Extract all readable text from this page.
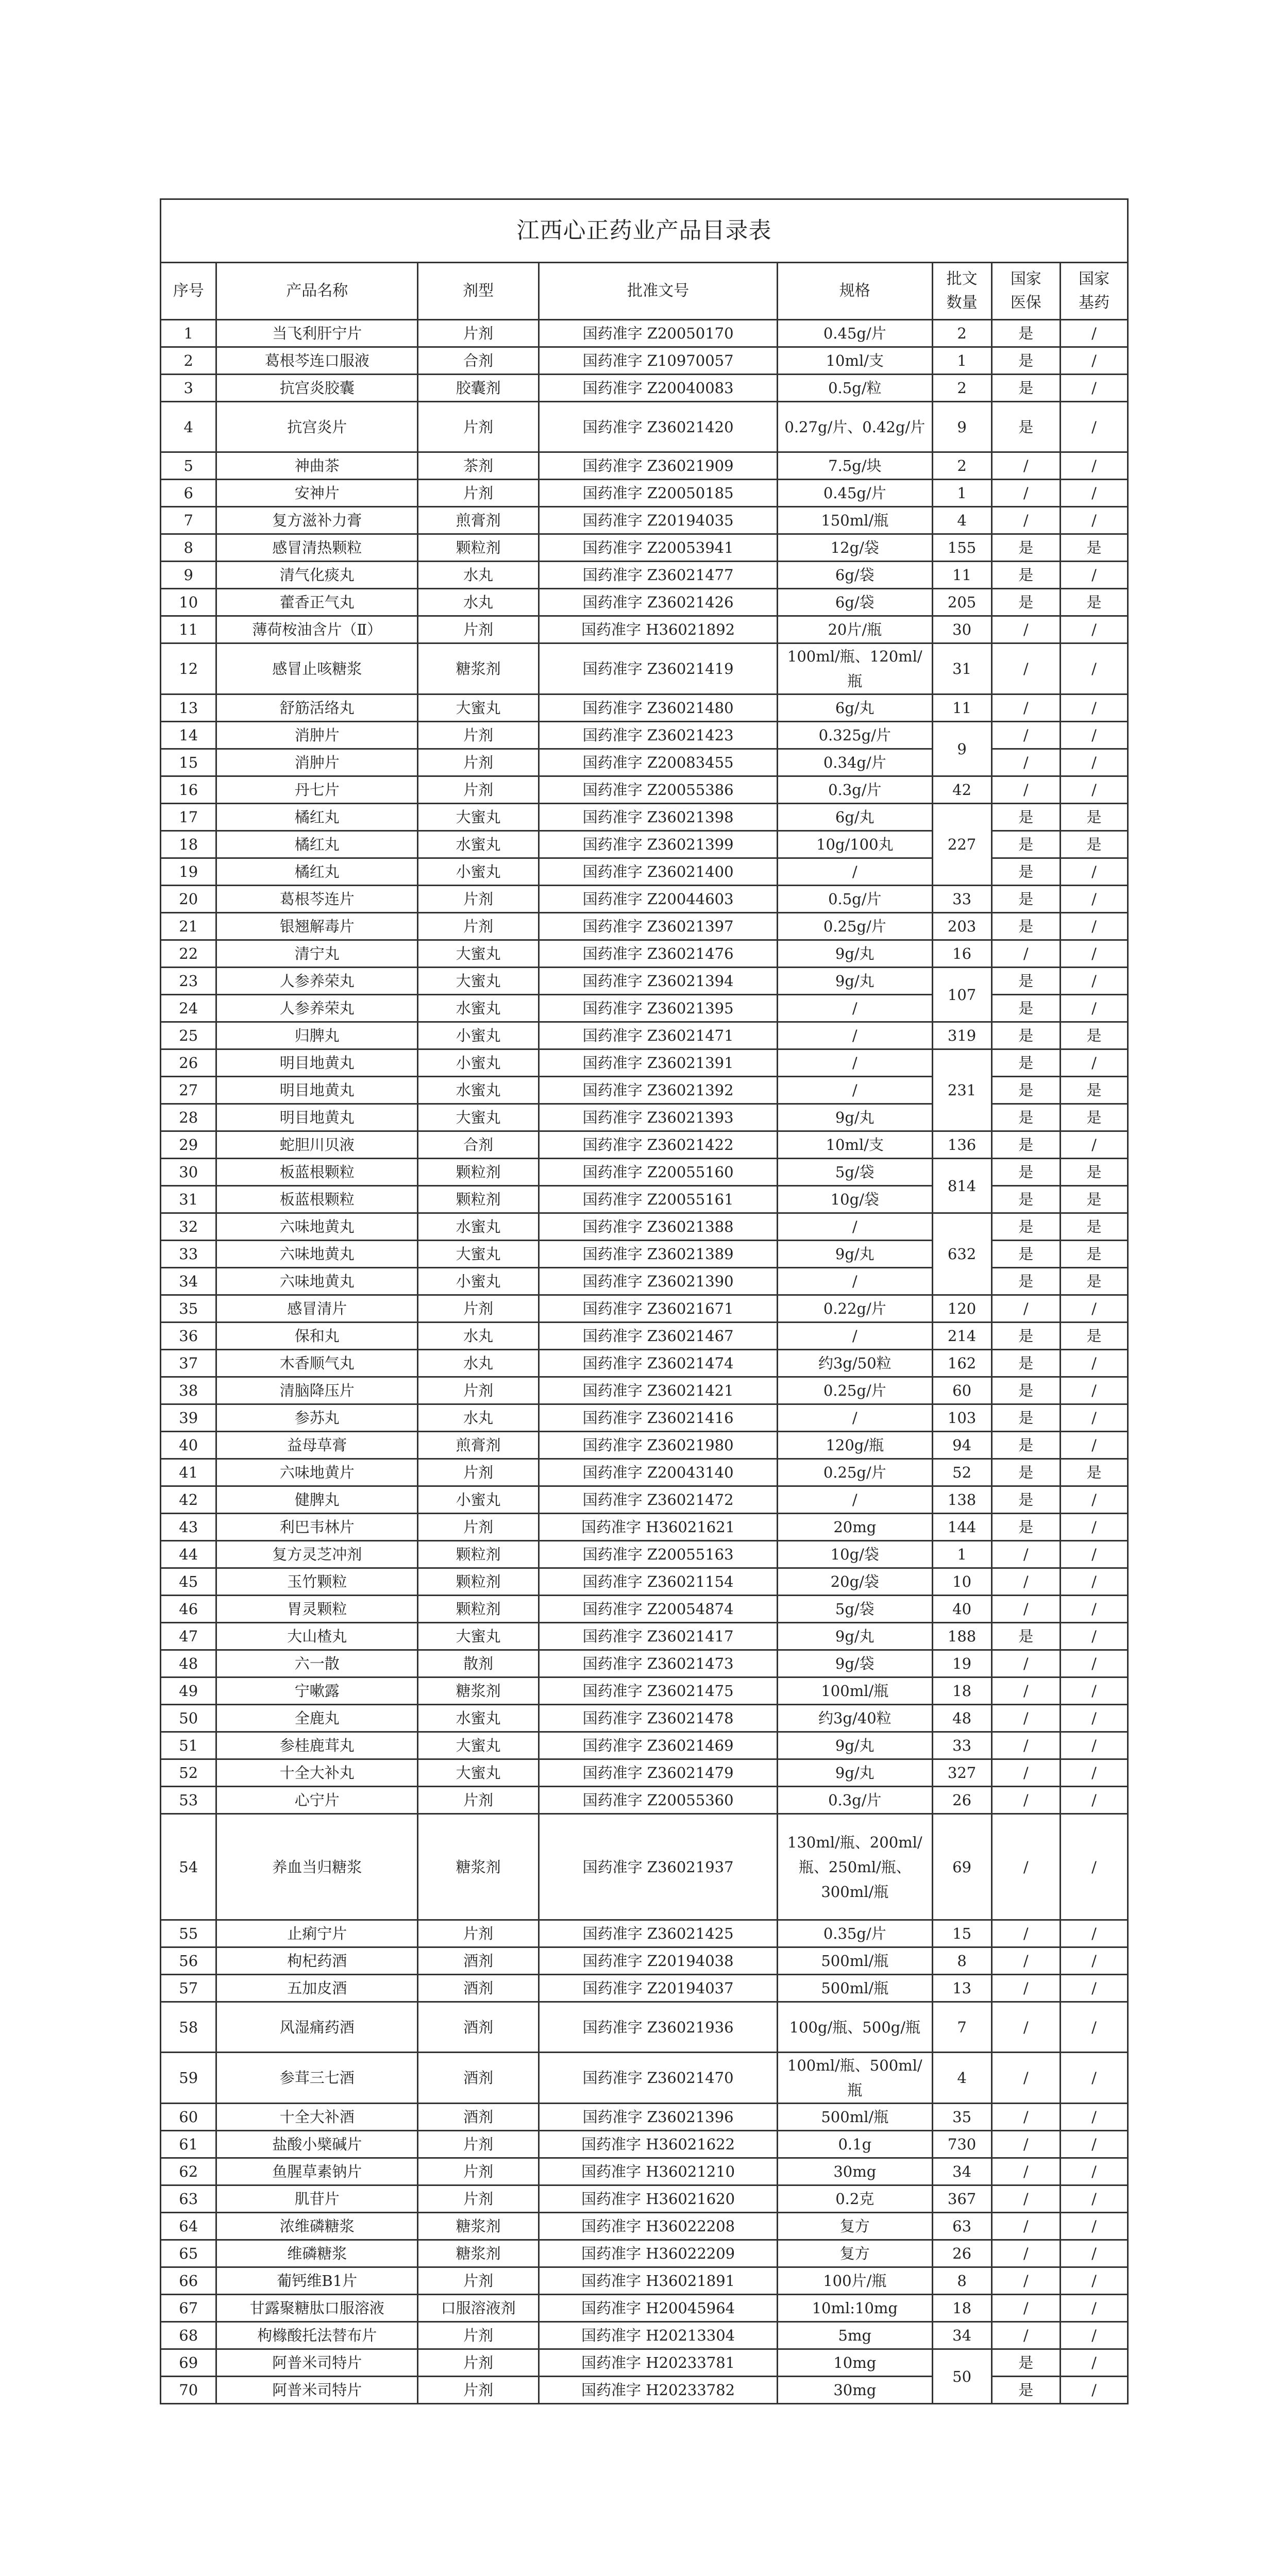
江西心正药业产品目录表							
序号	产品名称	剂型	批准文号	规格	批文数量	国家医保	国家基药
1	当飞利肝宁片	片剂	国药准字 Z20050170	0.45g/片	2	是	/
2	葛根芩连口服液	合剂	国药准字 Z10970057	10ml/支	1	是	/
3	抗宫炎胶囊	胶囊剂	国药准字 Z20040083	0.5g/粒	2	是	/
4	抗宫炎片	片剂	国药准字 Z36021420	0.27g/片、0.42g/片	9	是	/
5	神曲茶	茶剂	国药准字 Z36021909	7.5g/块	2	/	/
6	安神片	片剂	国药准字 Z20050185	0.45g/片	1	/	/
7	复方滋补力膏	煎膏剂	国药准字 Z20194035	150ml/瓶	4	/	/
8	感冒清热颗粒	颗粒剂	国药准字 Z20053941	12g/袋	155	是	是
9	清气化痰丸	水丸	国药准字 Z36021477	6g/袋	11	是	/
10	藿香正气丸	水丸	国药准字 Z36021426	6g/袋	205	是	是
11	薄荷桉油含片（Ⅱ）	片剂	国药准字 H36021892	20片/瓶	30	/	/
12	感冒止咳糖浆	糖浆剂	国药准字 Z36021419	100ml/瓶、120ml/瓶	31	/	/
13	舒筋活络丸	大蜜丸	国药准字 Z36021480	6g/丸	11	/	/
14	消肿片	片剂	国药准字 Z36021423	0.325g/片	9	/	/
15	消肿片	片剂	国药准字 Z20083455	0.34g/片		/	/
16	丹七片	片剂	国药准字 Z20055386	0.3g/片	42	/	/
17	橘红丸	大蜜丸	国药准字 Z36021398	6g/丸	227	是	是
18	橘红丸	水蜜丸	国药准字 Z36021399	10g/100丸		是	是
19	橘红丸	小蜜丸	国药准字 Z36021400	/		是	/
20	葛根芩连片	片剂	国药准字 Z20044603	0.5g/片	33	是	/
21	银翘解毒片	片剂	国药准字 Z36021397	0.25g/片	203	是	/
22	清宁丸	大蜜丸	国药准字 Z36021476	9g/丸	16	/	/
23	人参养荣丸	大蜜丸	国药准字 Z36021394	9g/丸	107	是	/
24	人参养荣丸	水蜜丸	国药准字 Z36021395	/		是	/
25	归脾丸	小蜜丸	国药准字 Z36021471	/	319	是	是
26	明目地黄丸	小蜜丸	国药准字 Z36021391	/	231	是	/
27	明目地黄丸	水蜜丸	国药准字 Z36021392	/		是	是
28	明目地黄丸	大蜜丸	国药准字 Z36021393	9g/丸		是	是
29	蛇胆川贝液	合剂	国药准字 Z36021422	10ml/支	136	是	/
30	板蓝根颗粒	颗粒剂	国药准字 Z20055160	5g/袋	814	是	是
31	板蓝根颗粒	颗粒剂	国药准字 Z20055161	10g/袋		是	是
32	六味地黄丸	水蜜丸	国药准字 Z36021388	/	632	是	是
33	六味地黄丸	大蜜丸	国药准字 Z36021389	9g/丸		是	是
34	六味地黄丸	小蜜丸	国药准字 Z36021390	/		是	是
35	感冒清片	片剂	国药准字 Z36021671	0.22g/片	120	/	/
36	保和丸	水丸	国药准字 Z36021467	/	214	是	是
37	木香顺气丸	水丸	国药准字 Z36021474	约3g/50粒	162	是	/
38	清脑降压片	片剂	国药准字 Z36021421	0.25g/片	60	是	/
39	参苏丸	水丸	国药准字 Z36021416	/	103	是	/
40	益母草膏	煎膏剂	国药准字 Z36021980	120g/瓶	94	是	/
41	六味地黄片	片剂	国药准字 Z20043140	0.25g/片	52	是	是
42	健脾丸	小蜜丸	国药准字 Z36021472	/	138	是	/
43	利巴韦林片	片剂	国药准字 H36021621	20mg	144	是	/
44	复方灵芝冲剂	颗粒剂	国药准字 Z20055163	10g/袋	1	/	/
45	玉竹颗粒	颗粒剂	国药准字 Z36021154	20g/袋	10	/	/
46	胃灵颗粒	颗粒剂	国药准字 Z20054874	5g/袋	40	/	/
47	大山楂丸	大蜜丸	国药准字 Z36021417	9g/丸	188	是	/
48	六一散	散剂	国药准字 Z36021473	9g/袋	19	/	/
49	宁嗽露	糖浆剂	国药准字 Z36021475	100ml/瓶	18	/	/
50	全鹿丸	水蜜丸	国药准字 Z36021478	约3g/40粒	48	/	/
51	参桂鹿茸丸	大蜜丸	国药准字 Z36021469	9g/丸	33	/	/
52	十全大补丸	大蜜丸	国药准字 Z36021479	9g/丸	327	/	/
53	心宁片	片剂	国药准字 Z20055360	0.3g/片	26	/	/
54	养血当归糖浆	糖浆剂	国药准字 Z36021937	130ml/瓶、200ml/瓶、250ml/瓶、300ml/瓶	69	/	/
55	止痢宁片	片剂	国药准字 Z36021425	0.35g/片	15	/	/
56	枸杞药酒	酒剂	国药准字 Z20194038	500ml/瓶	8	/	/
57	五加皮酒	酒剂	国药准字 Z20194037	500ml/瓶	13	/	/
58	风湿痛药酒	酒剂	国药准字 Z36021936	100g/瓶、500g/瓶	7	/	/
59	参茸三七酒	酒剂	国药准字 Z36021470	100ml/瓶、500ml/瓶	4	/	/
60	十全大补酒	酒剂	国药准字 Z36021396	500ml/瓶	35	/	/
61	盐酸小檗碱片	片剂	国药准字 H36021622	0.1g	730	/	/
62	鱼腥草素钠片	片剂	国药准字 H36021210	30mg	34	/	/
63	肌苷片	片剂	国药准字 H36021620	0.2克	367	/	/
64	浓维磷糖浆	糖浆剂	国药准字 H36022208	复方	63	/	/
65	维磷糖浆	糖浆剂	国药准字 H36022209	复方	26	/	/
66	葡钙维B1片	片剂	国药准字 H36021891	100片/瓶	8	/	/
67	甘露聚糖肽口服溶液	口服溶液剂	国药准字 H20045964	10ml:10mg	18	/	/
68	枸橼酸托法替布片	片剂	国药准字 H20213304	5mg	34	/	/
69	阿普米司特片	片剂	国药准字 H20233781	10mg	50	是	/
70	阿普米司特片	片剂	国药准字 H20233782	30mg		是	/
